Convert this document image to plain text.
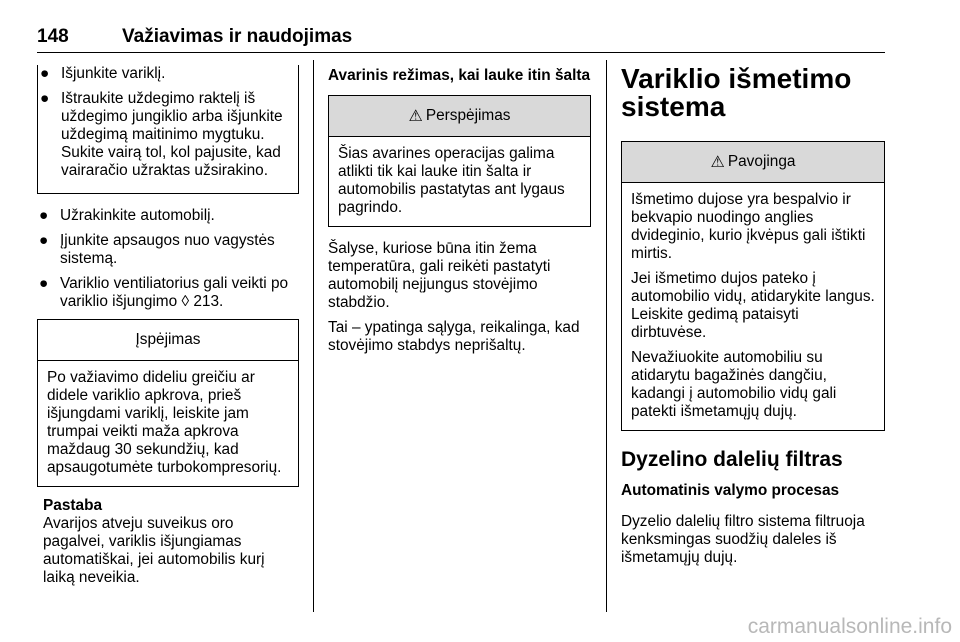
148	Važiavimas ir naudojimas
● Išjunkite variklį.
● Ištraukite uždegimo raktelį iš uždegimo jungiklio arba išjunkite uždegimą maitinimo mygtuku. Sukite vairą tol, kol pajusite, kad vairaračio užraktas užsirakino.
● Užrakinkite automobilį.
● Įjunkite apsaugos nuo vagystės sistemą.
● Variklio ventiliatorius gali veikti po variklio išjungimo ◊ 213.
Įspėjimas

Po važiavimo dideliu greičiu ar didele variklio apkrova, prieš išjungdami variklį, leiskite jam trumpai veikti maža apkrova maždaug 30 sekundžių, kad apsaugotumėte turbokompresorių.

Pastaba
Avarijos atveju suveikus oro pagalvei, variklis išjungiamas automatiškai, jei automobilis kurį laiką neveikia.
Avarinis režimas, kai lauke itin šalta
⚠ Perspėjimas

Šias avarines operacijas galima atlikti tik kai lauke itin šalta ir automobilis pastatytas ant lygaus pagrindo.

Šalyse, kuriose būna itin žema temperatūra, gali reikėti pastatyti automobilį neįjungus stovėjimo stabdžio.

Tai – ypatinga sąlyga, reikalinga, kad stovėjimo stabdys neprišaltų.

Variklio išmetimo sistema
⚠ Pavojinga

Išmetimo dujose yra bespalvio ir bekvapio nuodingo anglies dvideginio, kurio įkvėpus gali ištikti mirtis.

Jei išmetimo dujos pateko į automobilio vidų, atidarykite langus. Leiskite gedimą pataisyti dirbtuvėse.

Nevažiuokite automobiliu su atidarytu bagažinės dangčiu, kadangi į automobilio vidų gali patekti išmetamųjų dujų.

Dyzelino dalelių filtras
Automatinis valymo procesas

Dyzelio dalelių filtro sistema filtruoja kenksmingas suodžių daleles iš išmetamųjų dujų.

carmanualsonline.info
